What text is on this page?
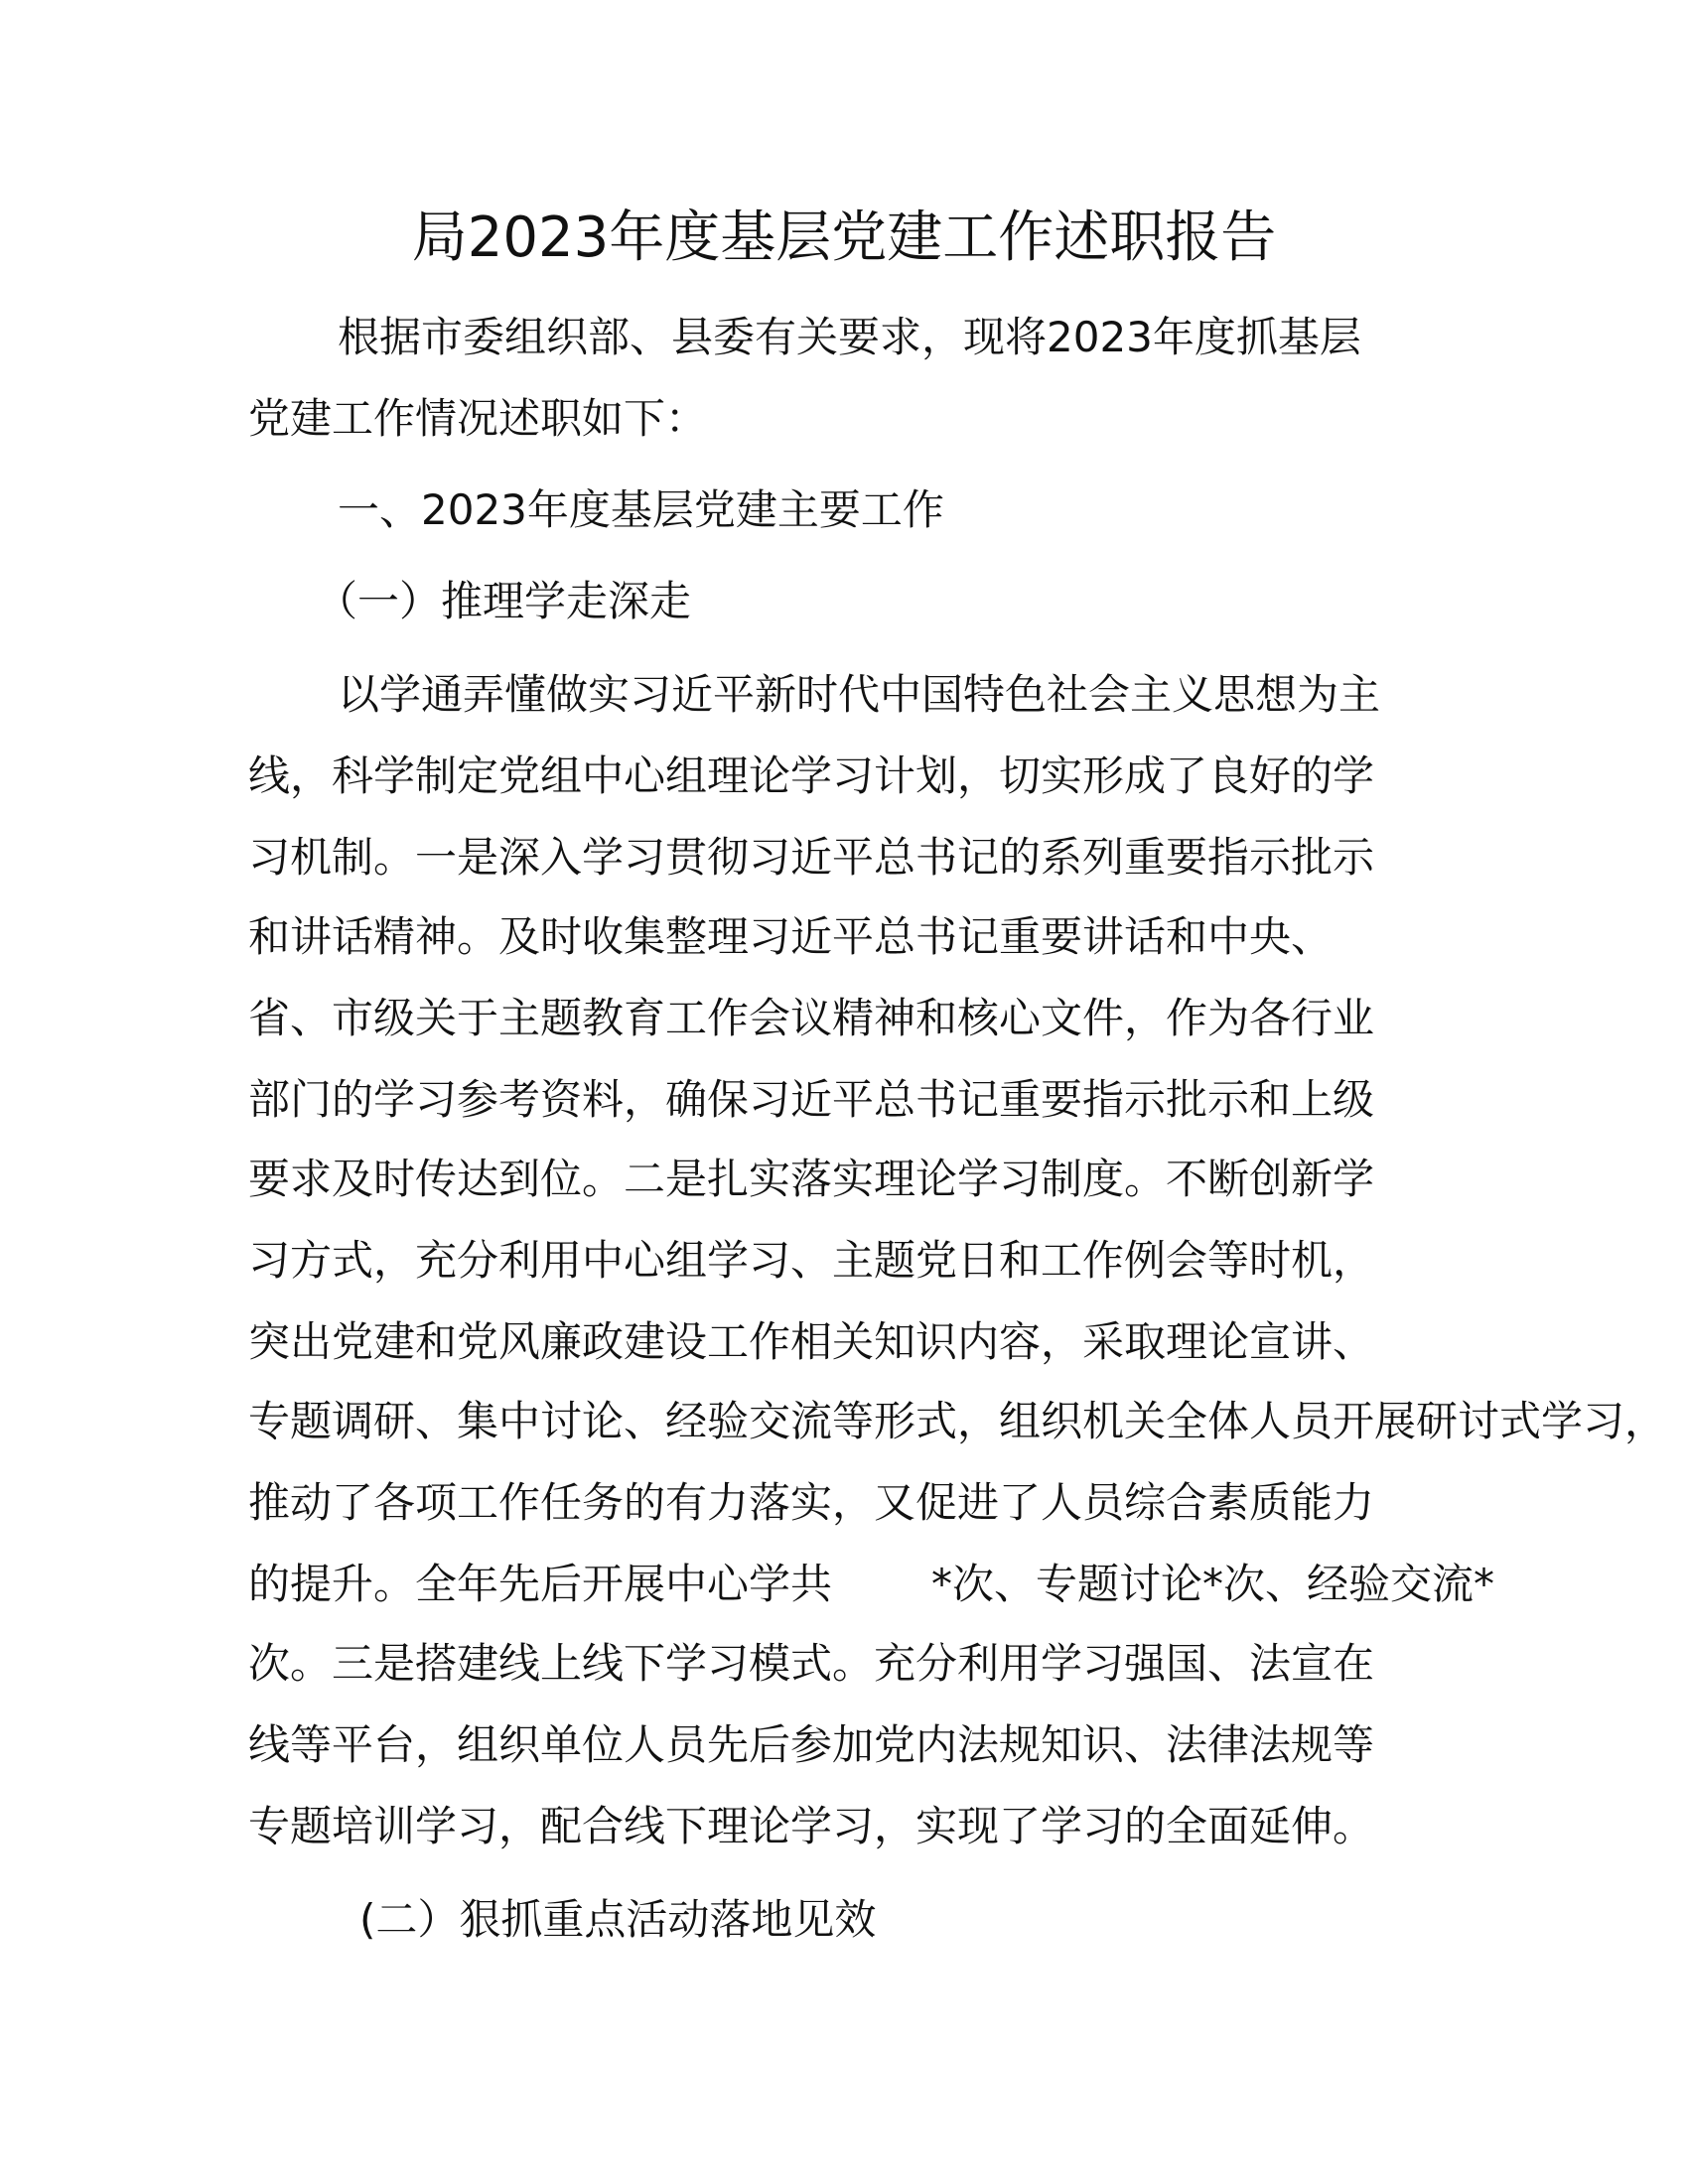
局2023年度基层党建工作述职报告
根据市委组织部、县委有关要求，现将2023年度抓基层
党建工作情况述职如下：
一、2023年度基层党建主要工作
（一）推理学走深走
以学通弄懂做实习近平新时代中国特色社会主义思想为主
线，科学制定党组中心组理论学习计划，切实形成了良好的学
习机制。一是深入学习贯彻习近平总书记的系列重要指示批示
和讲话精神。及时收集整理习近平总书记重要讲话和中央、
省、市级关于主题教育工作会议精神和核心文件，作为各行业
部门的学习参考资料，确保习近平总书记重要指示批示和上级
要求及时传达到位。二是扎实落实理论学习制度。不断创新学
习方式，充分利用中心组学习、主题党日和工作例会等时机，
突出党建和党风廉政建设工作相关知识内容，采取理论宣讲、
专题调研、集中讨论、经验交流等形式，组织机关全体人员开展研讨式学习，
推动了各项工作任务的有力落实，又促进了人员综合素质能力
的提升。全年先后开展中心学共 *次、专题讨论*次、经验交流*
次。三是搭建线上线下学习模式。充分利用学习强国、法宣在
线等平台，组织单位人员先后参加党内法规知识、法律法规等
专题培训学习，配合线下理论学习，实现了学习的全面延伸。
(二）狠抓重点活动落地见效
